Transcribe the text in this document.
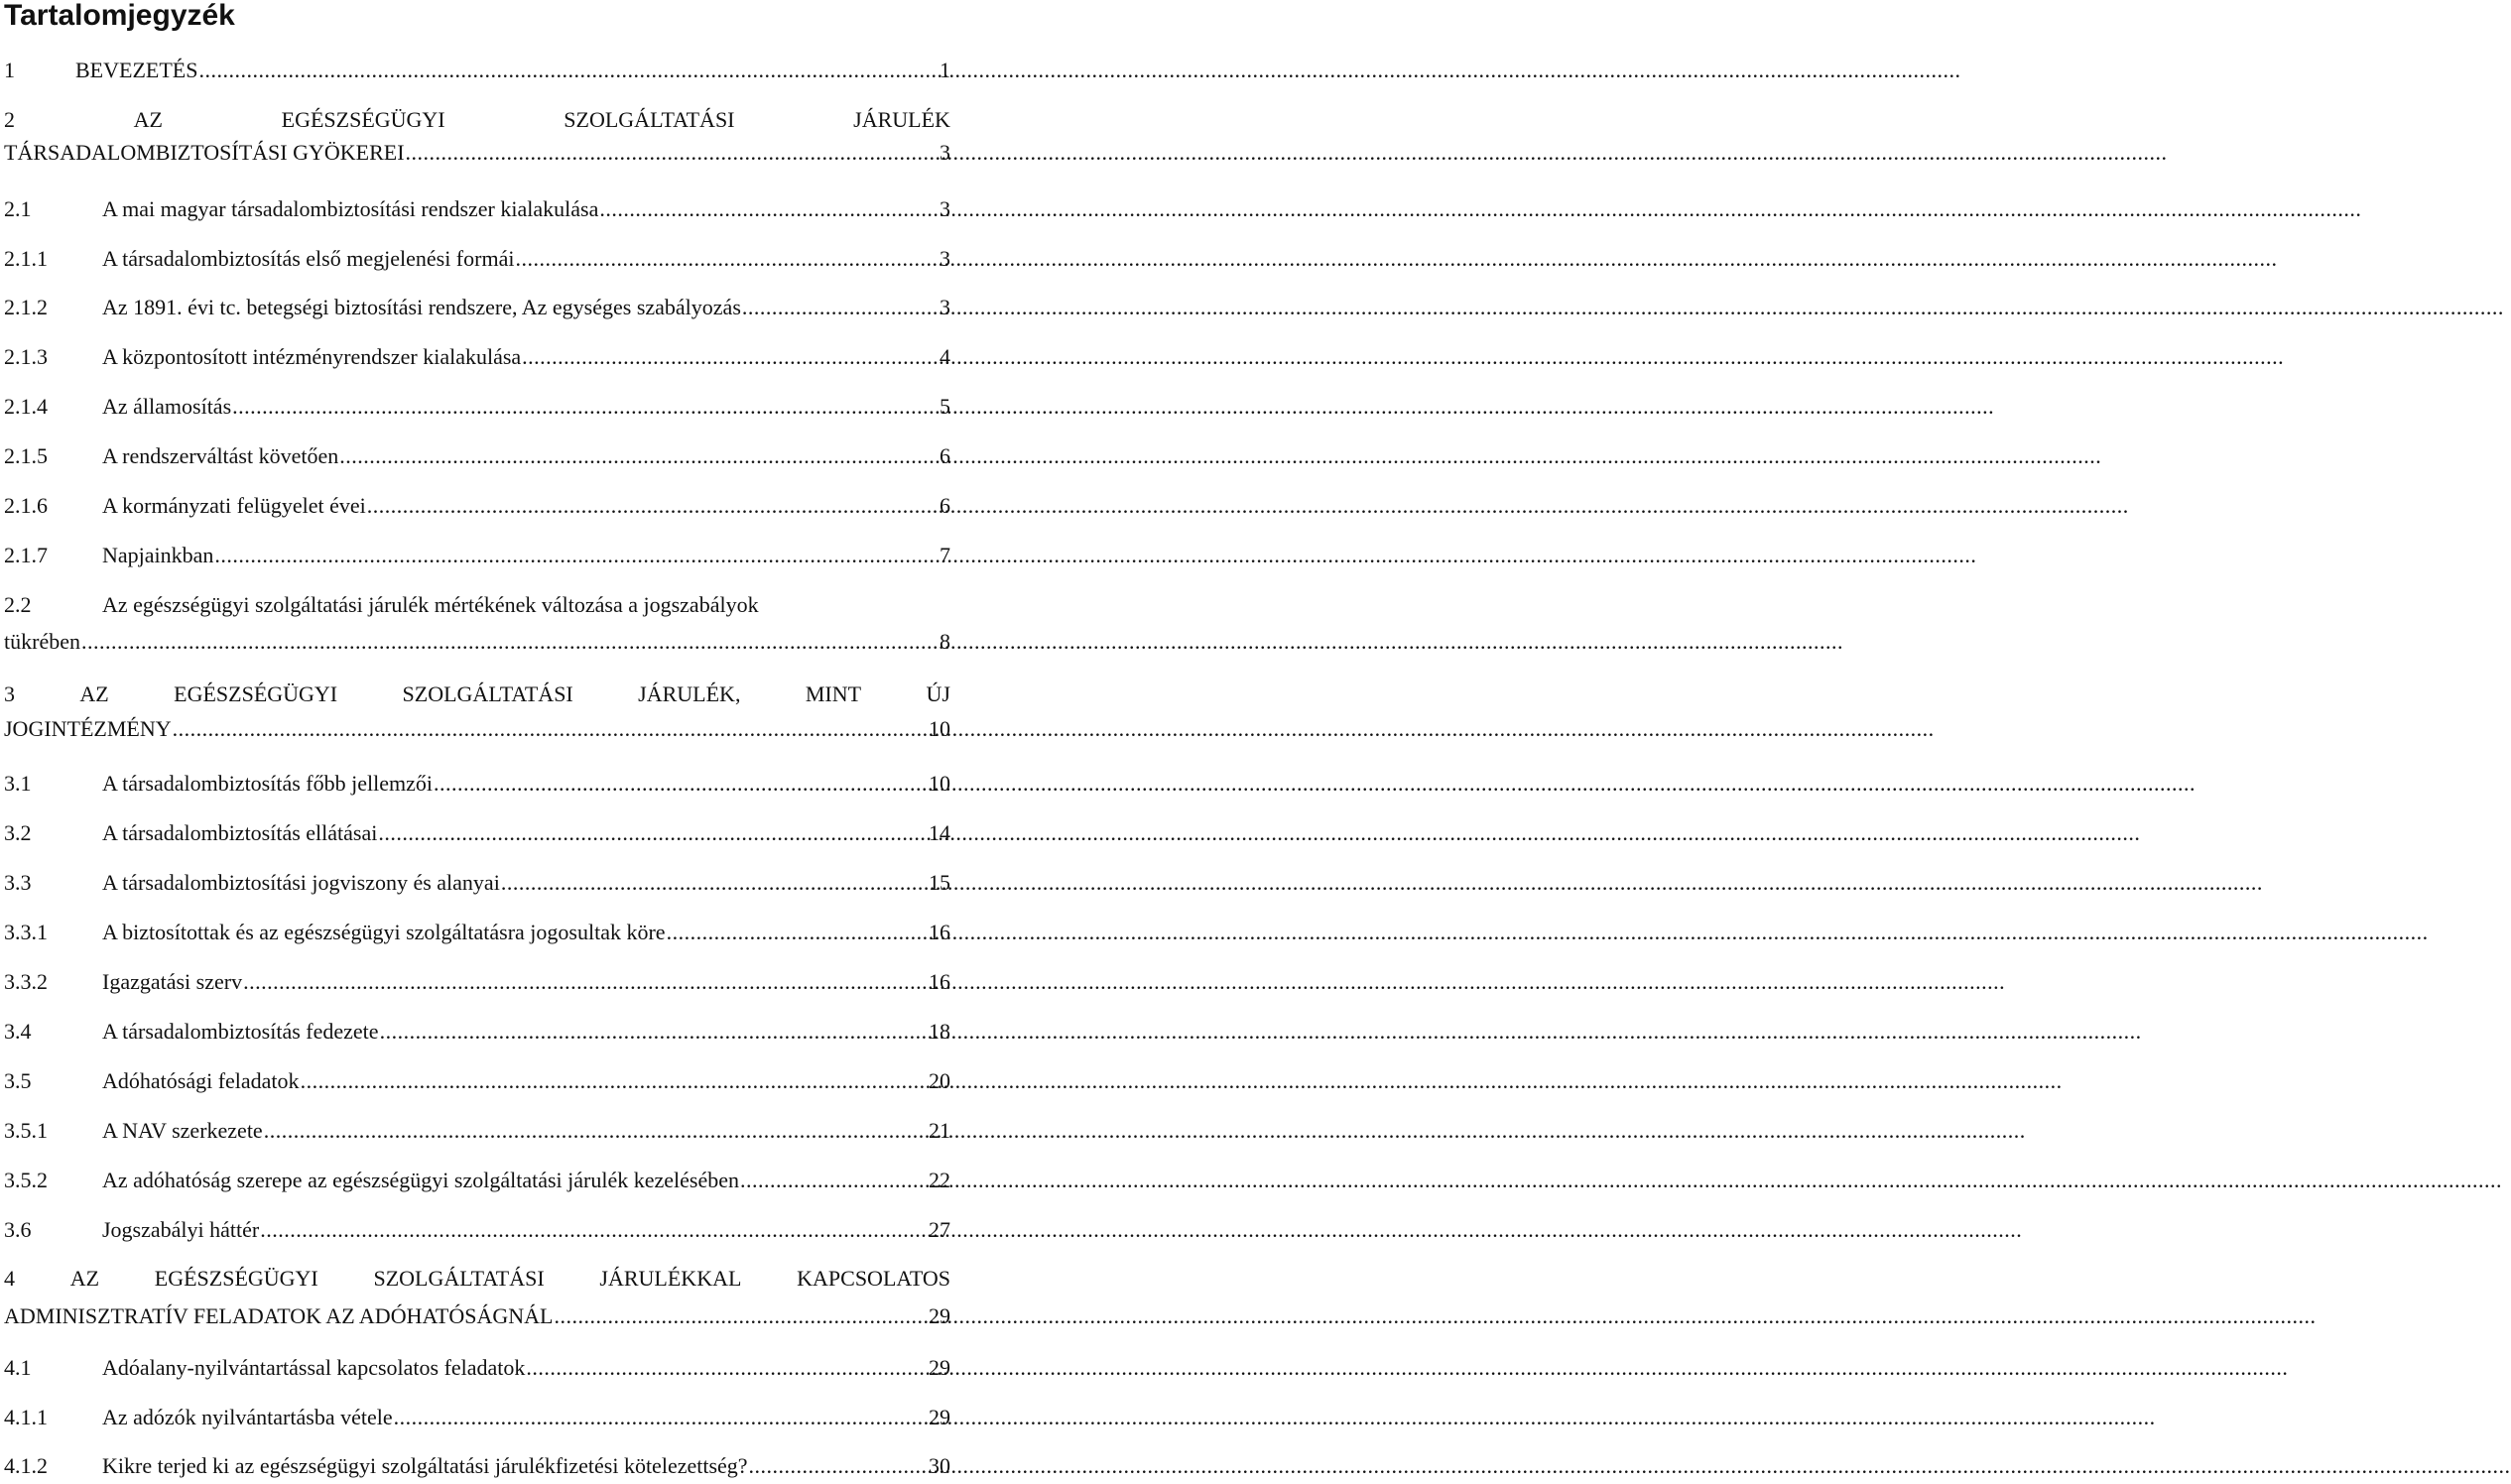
Tartalomjegyzék
1	BEVEZETÉS .....	1
2	AZ	EGÉSZSÉGÜGYI	SZOLGÁLTATÁSI	JÁRULÉK
TÁRSADALOMBIZTOSÍTÁSI GYÖKEREI .....	3
2.1	A mai magyar társadalombiztosítási rendszer kialakulása .....	3
2.1.1	A társadalombiztosítás első megjelenési formái .....	3
2.1.2	Az 1891. évi tc. betegségi biztosítási rendszere, Az egységes szabályozás .....	3
2.1.3	A központosított intézményrendszer kialakulása .....	4
2.1.4	Az államosítás .....	5
2.1.5	A rendszerváltást követően .....	6
2.1.6	A kormányzati felügyelet évei .....	6
2.1.7	Napjainkban .....	7
2.2	Az egészségügyi szolgáltatási járulék mértékének változása a jogszabályok
tükrében .....	8
3	AZ	EGÉSZSÉGÜGYI	SZOLGÁLTATÁSI	JÁRULÉK,	MINT	ÚJ
JOGINTÉZMÉNY .....	10
3.1	A társadalombiztosítás főbb jellemzői .....	10
3.2	A társadalombiztosítás ellátásai .....	14
3.3	A társadalombiztosítási jogviszony és alanyai .....	15
3.3.1	A biztosítottak és az egészségügyi szolgáltatásra jogosultak köre .....	16
3.3.2	Igazgatási szerv .....	16
3.4	A társadalombiztosítás fedezete .....	18
3.5	Adóhatósági feladatok .....	20
3.5.1	A NAV szerkezete .....	21
3.5.2	Az adóhatóság szerepe az egészségügyi szolgáltatási járulék kezelésében .....	22
3.6	Jogszabályi háttér .....	27
4	AZ	EGÉSZSÉGÜGYI	SZOLGÁLTATÁSI	JÁRULÉKKAL	KAPCSOLATOS
ADMINISZTRATÍV FELADATOK AZ ADÓHATÓSÁGNÁL .....	29
4.1	Adóalany-nyilvántartással kapcsolatos feladatok .....	29
4.1.1	Az adózók nyilvántartásba vétele .....	29
4.1.2	Kikre terjed ki az egészségügyi szolgáltatási járulékfizetési kötelezettség? .....	30
